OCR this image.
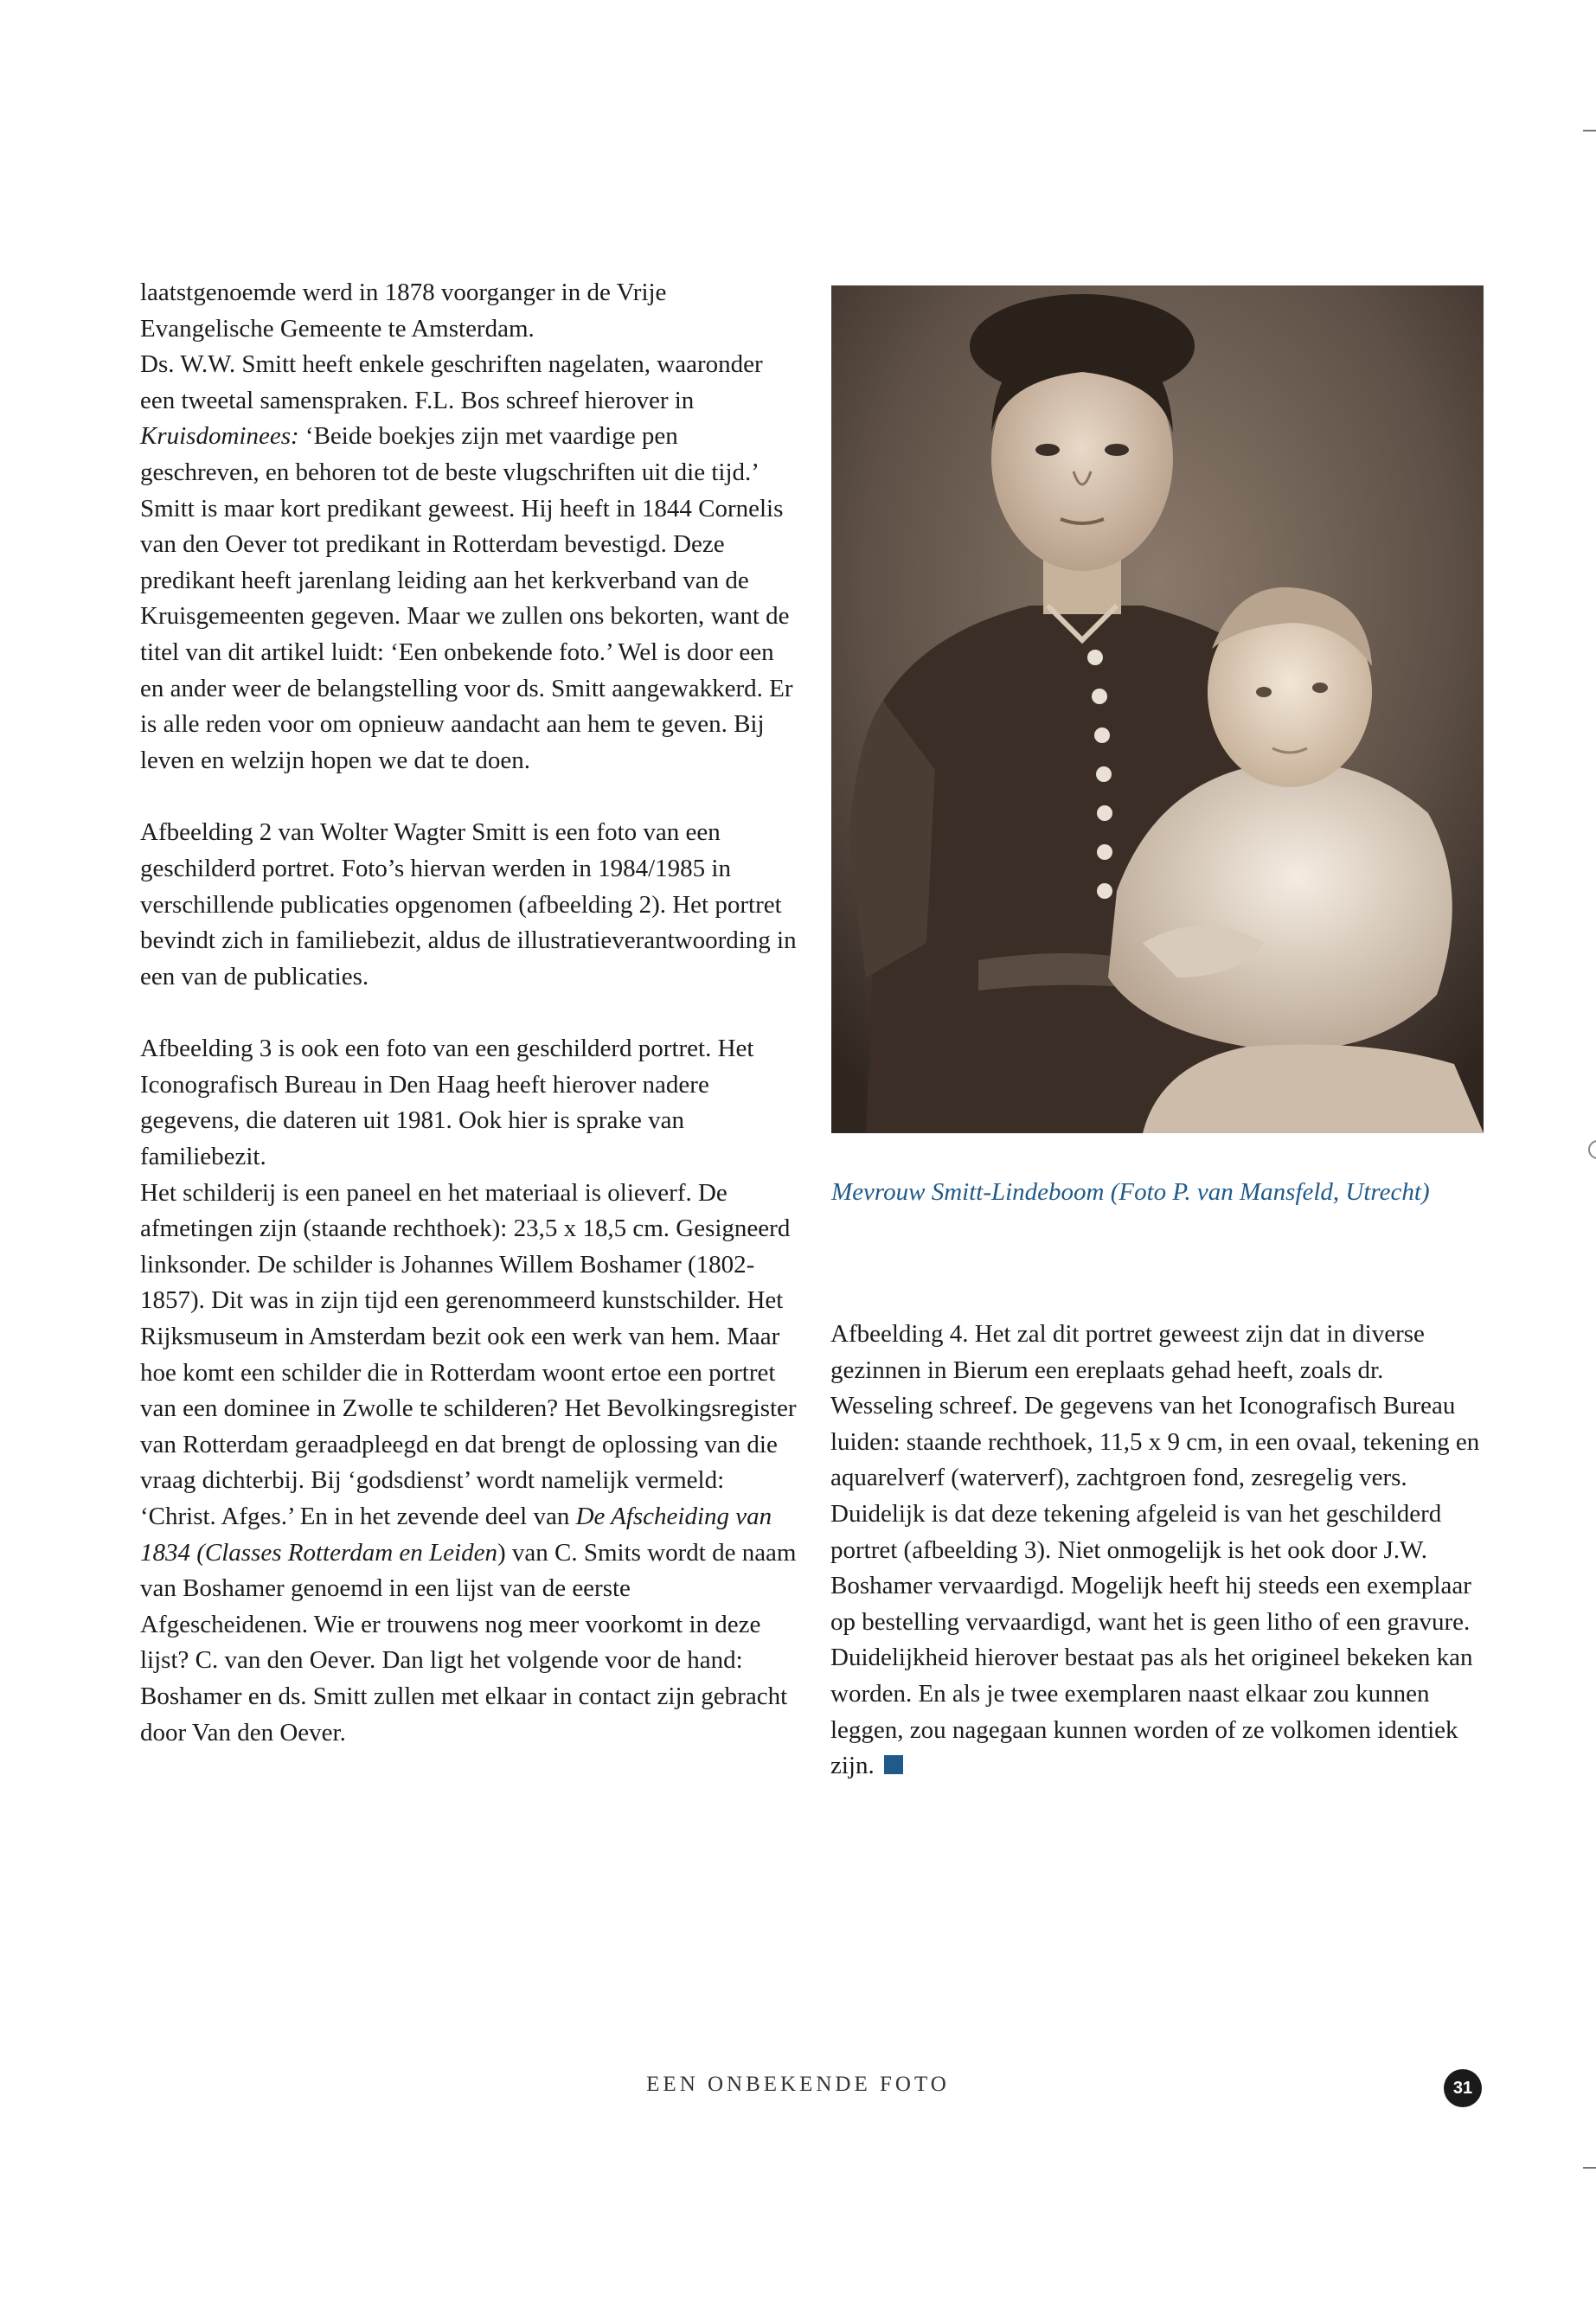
laatstgenoemde werd in 1878 voorganger in de Vrije Evangelische Gemeente te Amsterdam.

Ds. W.W. Smitt heeft enkele geschriften nagelaten, waaronder een tweetal samenspraken. F.L. Bos schreef hierover in Kruisdominees: ‘Beide boekjes zijn met vaardige pen geschreven, en behoren tot de beste vlugschriften uit die tijd.’

Smitt is maar kort predikant geweest. Hij heeft in 1844 Cornelis van den Oever tot predikant in Rotterdam bevestigd. Deze predikant heeft jarenlang leiding aan het kerkverband van de Kruisgemeenten gegeven. Maar we zullen ons bekorten, want de titel van dit artikel luidt: ‘Een onbekende foto.’ Wel is door een en ander weer de belangstelling voor ds. Smitt aangewakkerd. Er is alle reden voor om opnieuw aandacht aan hem te geven. Bij leven en welzijn hopen we dat te doen.

Afbeelding 2 van Wolter Wagter Smitt is een foto van een geschilderd portret. Foto’s hiervan werden in 1984/1985 in verschillende publicaties opgenomen (afbeelding 2). Het portret bevindt zich in familiebezit, aldus de illustratieverantwoording in een van de publicaties.

Afbeelding 3 is ook een foto van een geschilderd portret. Het Iconografisch Bureau in Den Haag heeft hierover nadere gegevens, die dateren uit 1981. Ook hier is sprake van familiebezit.

Het schilderij is een paneel en het materiaal is olieverf. De afmetingen zijn (staande rechthoek): 23,5 x 18,5 cm. Gesigneerd linksonder. De schilder is Johannes Willem Boshamer (1802-1857). Dit was in zijn tijd een gerenommeerd kunstschilder. Het Rijksmuseum in Amsterdam bezit ook een werk van hem. Maar hoe komt een schilder die in Rotterdam woont ertoe een portret van een dominee in Zwolle te schilderen? Het Bevolkingsregister van Rotterdam geraadpleegd en dat brengt de oplossing van die vraag dichterbij. Bij ‘godsdienst’ wordt namelijk vermeld: ‘Christ. Afges.’ En in het zevende deel van De Afscheiding van 1834 (Classes Rotterdam en Leiden) van C. Smits wordt de naam van Boshamer genoemd in een lijst van de eerste Afgescheidenen. Wie er trouwens nog meer voorkomt in deze lijst? C. van den Oever. Dan ligt het volgende voor de hand: Boshamer en ds. Smitt zullen met elkaar in contact zijn gebracht door Van den Oever.

Mevrouw Smitt-Lindeboom (Foto P. van Mansfeld, Utrecht)

Afbeelding 4. Het zal dit portret geweest zijn dat in diverse gezinnen in Bierum een ereplaats gehad heeft, zoals dr. Wesseling schreef. De gegevens van het Iconografisch Bureau luiden: staande rechthoek, 11,5 x 9 cm, in een ovaal, tekening en aquarelverf (waterverf), zachtgroen fond, zesregelig vers.

Duidelijk is dat deze tekening afgeleid is van het geschilderd portret (afbeelding 3). Niet onmogelijk is het ook door J.W. Boshamer vervaardigd. Mogelijk heeft hij steeds een exemplaar op bestelling vervaardigd, want het is geen litho of een gravure. Duidelijkheid hierover bestaat pas als het origineel bekeken kan worden. En als je twee exemplaren naast elkaar zou kunnen leggen, zou nagegaan kunnen worden of ze volkomen identiek zijn.

EEN ONBEKENDE FOTO	31
